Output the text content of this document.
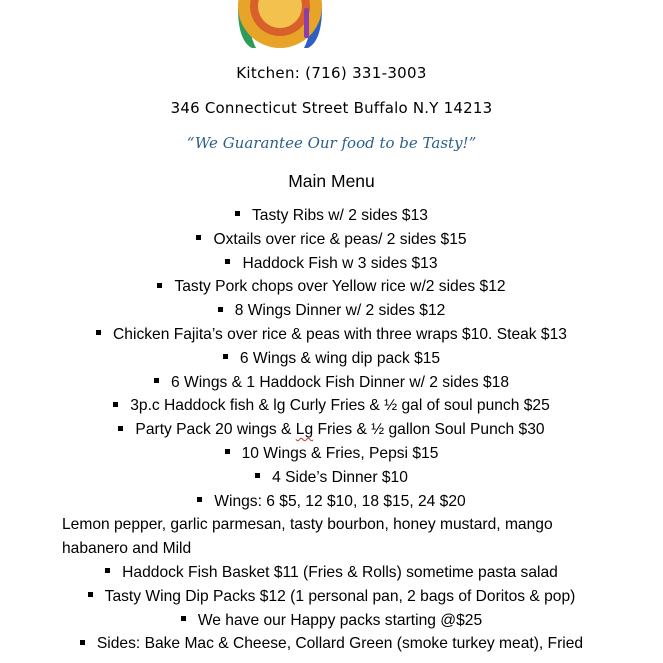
Kitchen: (716) 331-3003
346 Connecticut Street Buffalo N.Y 14213
“We Guarantee Our food to be Tasty!”
Main Menu
Tasty Ribs w/ 2 sides $13
Oxtails over rice & peas/ 2 sides $15
Haddock Fish w 3 sides $13
Tasty Pork chops over Yellow rice w/2 sides $12
8 Wings Dinner w/ 2 sides $12
Chicken Fajita’s over rice & peas with three wraps $10. Steak $13
6 Wings & wing dip pack $15
6 Wings & 1 Haddock Fish Dinner w/ 2 sides $18
3p.c Haddock fish & lg Curly Fries & ½ gal of soul punch $25
Party Pack 20 wings & Lg Fries & ½ gallon Soul Punch $30
10 Wings & Fries, Pepsi $15
4 Side’s Dinner $10
Wings: 6 $5, 12 $10, 18 $15, 24 $20
Lemon pepper, garlic parmesan, tasty bourbon, honey mustard, mango
habanero and Mild
Haddock Fish Basket $11 (Fries & Rolls) sometime pasta salad
Tasty Wing Dip Packs $12 (1 personal pan, 2 bags of Doritos & pop)
We have our Happy packs starting @$25
Sides: Bake Mac & Cheese, Collard Green (smoke turkey meat), Fried
